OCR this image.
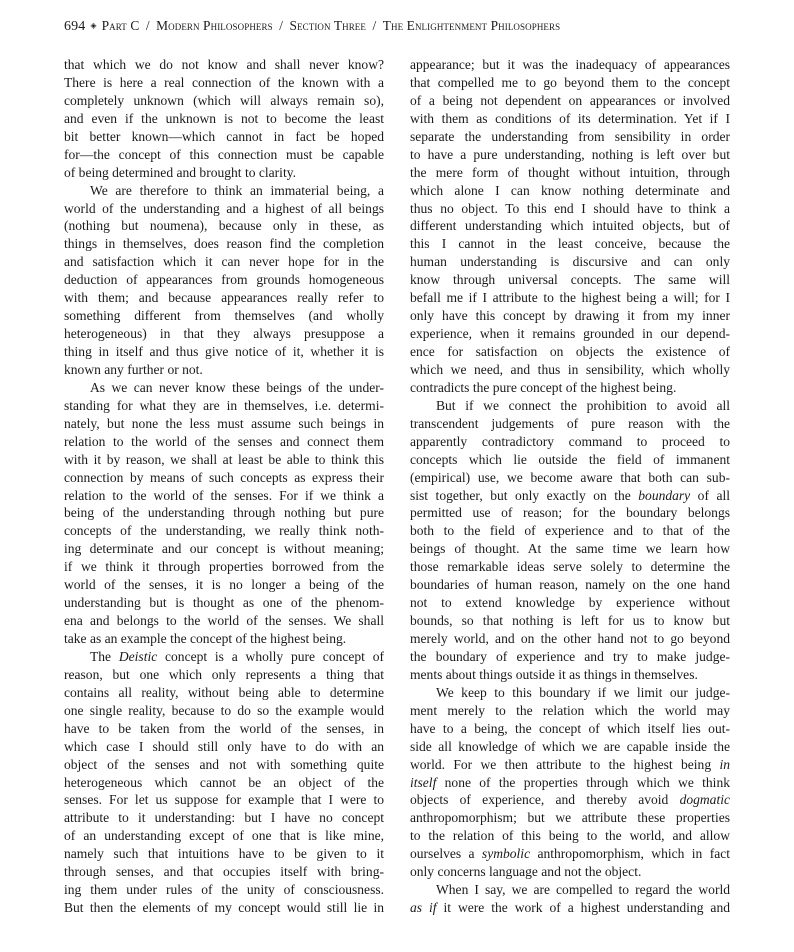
694 ◈ Part C / Modern Philosophers / Section Three / The Enlightenment Philosophers
that which we do not know and shall never know?
There is here a real connection of the known with a
completely unknown (which will always remain so),
and even if the unknown is not to become the least
bit better known—which cannot in fact be hoped
for—the concept of this connection must be capable
of being determined and brought to clarity.
We are therefore to think an immaterial being, a
world of the understanding and a highest of all beings
(nothing but noumena), because only in these, as
things in themselves, does reason find the completion
and satisfaction which it can never hope for in the
deduction of appearances from grounds homogeneous
with them; and because appearances really refer to
something different from themselves (and wholly
heterogeneous) in that they always presuppose a
thing in itself and thus give notice of it, whether it is
known any further or not.
As we can never know these beings of the under-
standing for what they are in themselves, i.e. determi-
nately, but none the less must assume such beings in
relation to the world of the senses and connect them
with it by reason, we shall at least be able to think this
connection by means of such concepts as express their
relation to the world of the senses. For if we think a
being of the understanding through nothing but pure
concepts of the understanding, we really think noth-
ing determinate and our concept is without meaning;
if we think it through properties borrowed from the
world of the senses, it is no longer a being of the
understanding but is thought as one of the phenom-
ena and belongs to the world of the senses. We shall
take as an example the concept of the highest being.
The Deistic concept is a wholly pure concept of
reason, but one which only represents a thing that
contains all reality, without being able to determine
one single reality, because to do so the example would
have to be taken from the world of the senses, in
which case I should still only have to do with an
object of the senses and not with something quite
heterogeneous which cannot be an object of the
senses. For let us suppose for example that I were to
attribute to it understanding: but I have no concept
of an understanding except of one that is like mine,
namely such that intuitions have to be given to it
through senses, and that occupies itself with bring-
ing them under rules of the unity of consciousness.
But then the elements of my concept would still lie in
appearance; but it was the inadequacy of appearances
that compelled me to go beyond them to the concept
of a being not dependent on appearances or involved
with them as conditions of its determination. Yet if I
separate the understanding from sensibility in order
to have a pure understanding, nothing is left over but
the mere form of thought without intuition, through
which alone I can know nothing determinate and
thus no object. To this end I should have to think a
different understanding which intuited objects, but of
this I cannot in the least conceive, because the
human understanding is discursive and can only
know through universal concepts. The same will
befall me if I attribute to the highest being a will; for I
only have this concept by drawing it from my inner
experience, when it remains grounded in our depend-
ence for satisfaction on objects the existence of
which we need, and thus in sensibility, which wholly
contradicts the pure concept of the highest being.
But if we connect the prohibition to avoid all
transcendent judgements of pure reason with the
apparently contradictory command to proceed to
concepts which lie outside the field of immanent
(empirical) use, we become aware that both can sub-
sist together, but only exactly on the boundary of all
permitted use of reason; for the boundary belongs
both to the field of experience and to that of the
beings of thought. At the same time we learn how
those remarkable ideas serve solely to determine the
boundaries of human reason, namely on the one hand
not to extend knowledge by experience without
bounds, so that nothing is left for us to know but
merely world, and on the other hand not to go beyond
the boundary of experience and try to make judge-
ments about things outside it as things in themselves.
We keep to this boundary if we limit our judge-
ment merely to the relation which the world may
have to a being, the concept of which itself lies out-
side all knowledge of which we are capable inside the
world. For we then attribute to the highest being in
itself none of the properties through which we think
objects of experience, and thereby avoid dogmatic
anthropomorphism; but we attribute these properties
to the relation of this being to the world, and allow
ourselves a symbolic anthropomorphism, which in fact
only concerns language and not the object.
When I say, we are compelled to regard the world
as if it were the work of a highest understanding and
